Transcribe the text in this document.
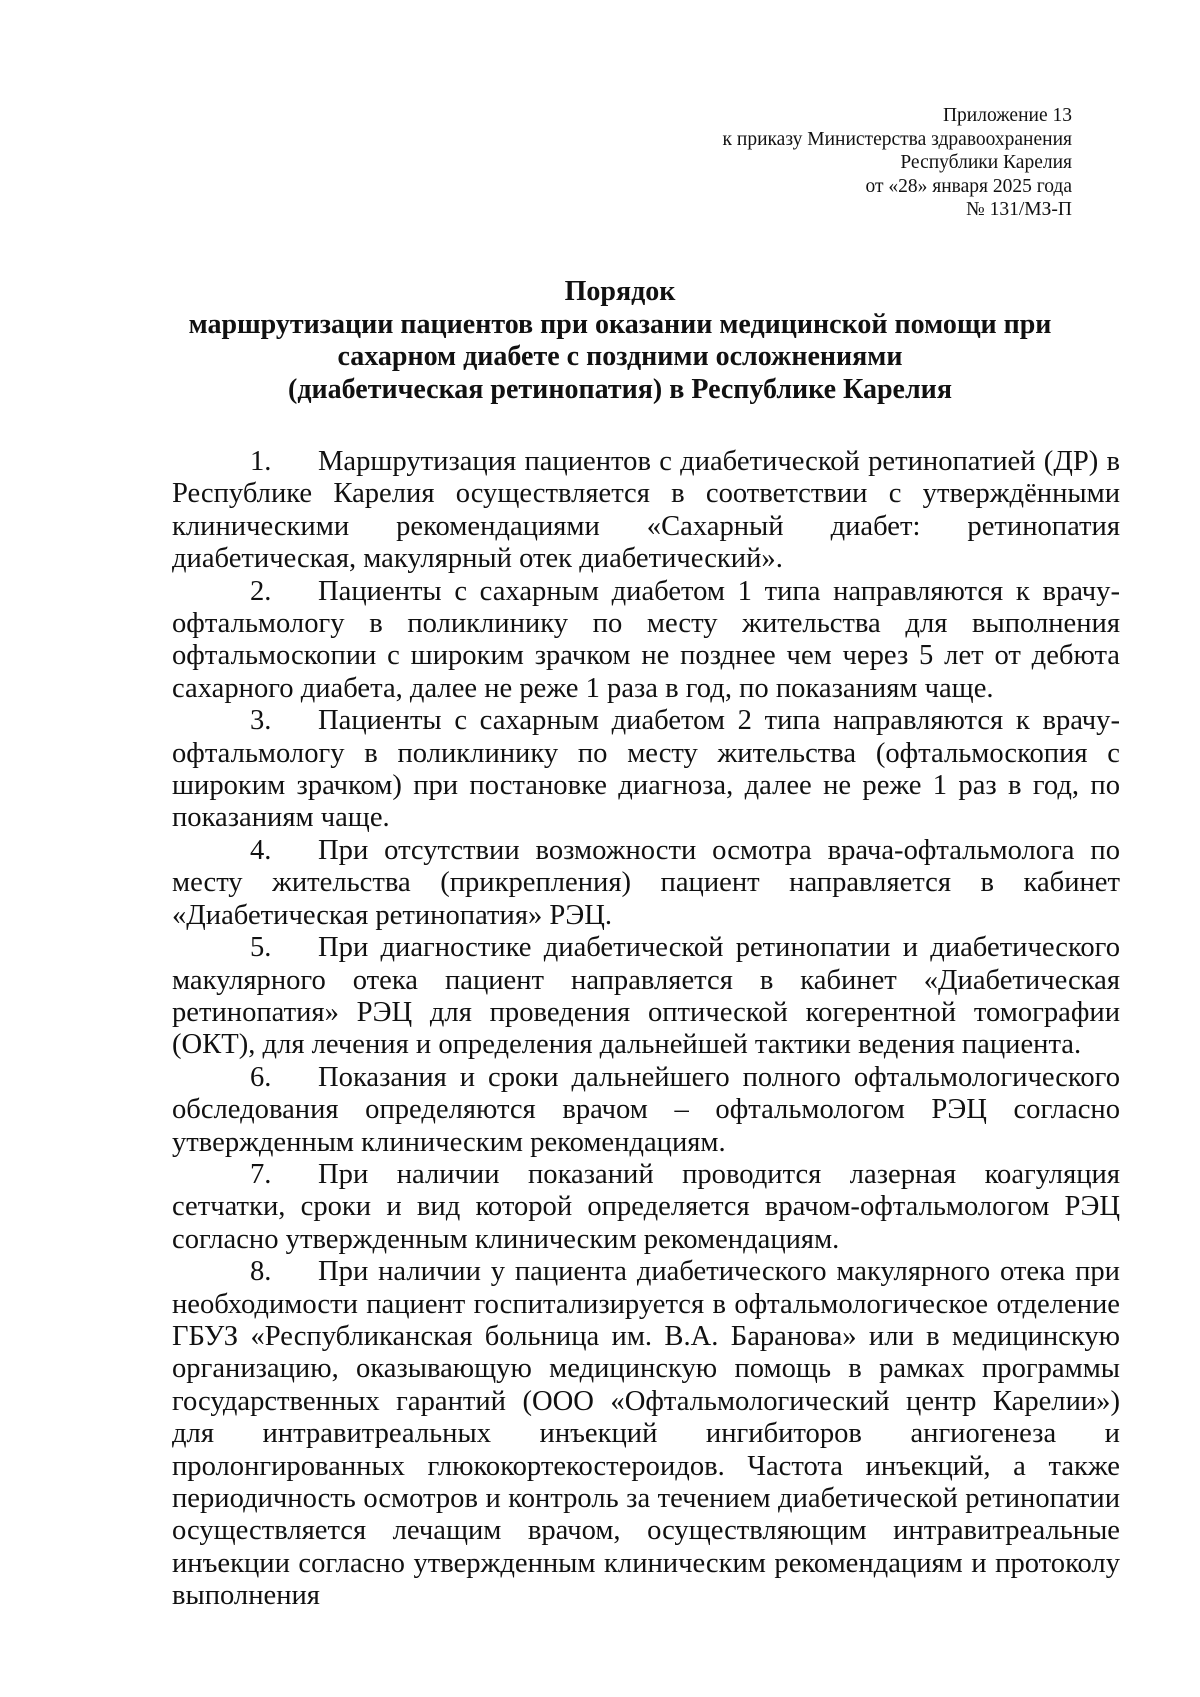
Приложение 13
к приказу Министерства здравоохранения
Республики Карелия
от «28» января 2025 года
№ 131/МЗ-П
Порядок
маршрутизации пациентов при оказании медицинской помощи при
сахарном диабете с поздними осложнениями
(диабетическая ретинопатия) в Республике Карелия

1. Маршрутизация пациентов с диабетической ретинопатией (ДР) в Республике Карелия осуществляется в соответствии с утверждёнными клиническими рекомендациями «Сахарный диабет: ретинопатия диабетическая, макулярный отек диабетический».

2. Пациенты с сахарным диабетом 1 типа направляются к врачу-офтальмологу в поликлинику по месту жительства для выполнения офтальмоскопии с широким зрачком не позднее чем через 5 лет от дебюта сахарного диабета, далее не реже 1 раза в год, по показаниям чаще.

3. Пациенты с сахарным диабетом 2 типа направляются к врачу-офтальмологу в поликлинику по месту жительства (офтальмоскопия с широким зрачком) при постановке диагноза, далее не реже 1 раз в год, по показаниям чаще.

4. При отсутствии возможности осмотра врача-офтальмолога по месту жительства (прикрепления) пациент направляется в кабинет «Диабетическая ретинопатия» РЭЦ.

5. При диагностике диабетической ретинопатии и диабетического макулярного отека пациент направляется в кабинет «Диабетическая ретинопатия» РЭЦ для проведения оптической когерентной томографии (ОКТ), для лечения и определения дальнейшей тактики ведения пациента.

6. Показания и сроки дальнейшего полного офтальмологического обследования определяются врачом – офтальмологом РЭЦ согласно утвержденным клиническим рекомендациям.

7. При наличии показаний проводится лазерная коагуляция сетчатки, сроки и вид которой определяется врачом-офтальмологом РЭЦ согласно утвержденным клиническим рекомендациям.

8. При наличии у пациента диабетического макулярного отека при необходимости пациент госпитализируется в офтальмологическое отделение ГБУЗ «Республиканская больница им. В.А. Баранова» или в медицинскую организацию, оказывающую медицинскую помощь в рамках программы государственных гарантий (ООО «Офтальмологический центр Карелии») для интравитреальных инъекций ингибиторов ангиогенеза и пролонгированных глюкокортекостероидов. Частота инъекций, а также периодичность осмотров и контроль за течением диабетической ретинопатии осуществляется лечащим врачом, осуществляющим интравитреальные инъекции согласно утвержденным клиническим рекомендациям и протоколу выполнения
